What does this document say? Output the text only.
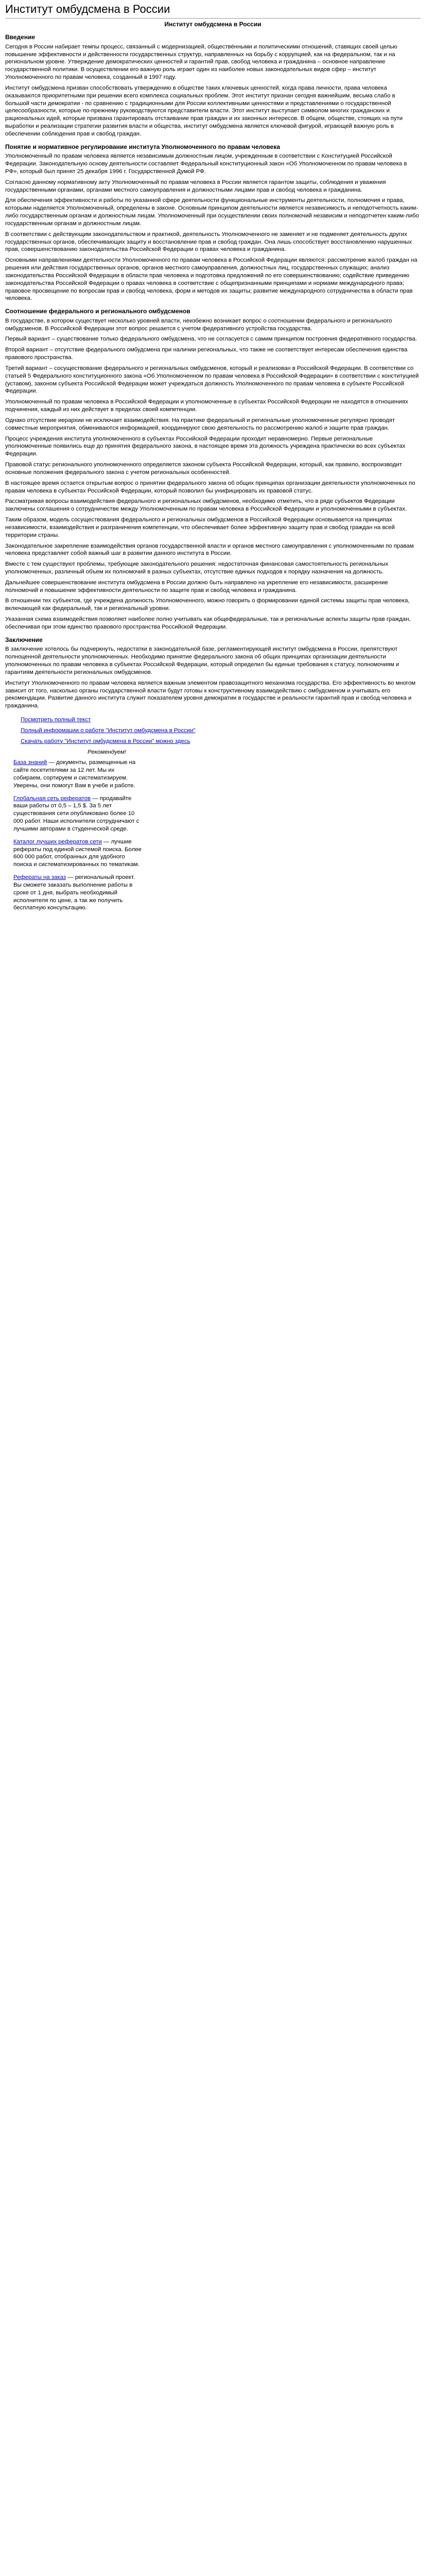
Институт омбудсмена в России
Институт омбудсмена в России
Введение

Сегодня в России набирает темпы процесс, связанный с модернизацией, обществе́нными и политическими отношений, ставящих своей целью повышение эффективности и действенности государственных структур, направленных на борьбу с коррупцией, как на федеральном, так и на региональном уровне. Утверждение демократических ценностей и гарантий прав, свобод человека и гражданина – основное направление государственной политики. В осуществлении его важную роль играет один из наиболее новых законодательных видов сфер – институт Уполномоченного по правам человека, созданный в 1997 году.

Институт омбудсмена призван способствовать утверждению в обществе таких ключевых ценностей, когда права личности, права человека оказываются приоритетными при решении всего комплекса социальных проблем. Этот институт признан сегодня важнейшим, весьма слабо в большой части демократии - по сравнению с традиционными для России коллективными ценностями и представлениями о государственной целесообразности, которые по-прежнему руководствуются представители власти. Этот институт выступает символом многих гражданских и рациональных идей, которые призвана гарантировать отстаивание прав граждан и их законных интересов. В общем, обществе, стоящих на пути выработки и реализации стратегии развития власти и общества, институт омбудсмена является ключевой фигурой, играющей важную роль в обеспечении соблюдения прав и свобод граждан.

Понятие и нормативное регулирование института Уполномоченного по правам человека

Уполномоченный по правам человека является независимым должностным лицом, учрежденным в соответствии с Конституцией Российской Федерации. Законодательную основу деятельности составляет Федеральный конституционный закон «Об Уполномоченном по правам человека в РФ», который был принят 25 декабря 1996 г. Государственной Думой РФ.

Согласно данному нормативному акту Уполномоченный по правам человека в России является гарантом защиты, соблюдения и уважения государственными органами, органами местного самоуправления и должностными лицами прав и свобод человека и гражданина.

Для обеспечения эффективности и работы по указанной сфере деятельности функциональные инструменты деятельности, полномочия и права, которыми наделяется Уполномоченный, определены в законе. Основным принципом деятельности является независимость и неподотчетность каким-либо государственным органам и должностным лицам. Уполномоченный при осуществлении своих полномочий независим и неподотчетен каким-либо государственным органам и должностным лицам.

В соответствии с действующим законодательством и практикой, деятельность Уполномоченного не заменяет и не подменяет деятельность других государственных органов, обеспечивающих защиту и восстановление прав и свобод граждан. Она лишь способствует восстановлению нарушенных прав, совершенствованию законодательства Российской Федерации о правах человека и гражданина.

Основными направлениями деятельности Уполномоченного по правам человека в Российской Федерации являются: рассмотрение жалоб граждан на решения или действия государственных органов, органов местного самоуправления, должностных лиц, государственных служащих; анализ законодательства Российской Федерации в области прав человека и подготовка предложений по его совершенствованию; содействие приведению законодательства Российской Федерации о правах человека в соответствие с общепризнанными принципами и нормами международного права; правовое просвещение по вопросам прав и свобод человека, форм и методов их защиты; развитие международного сотрудничества в области прав человека.

Соотношение федерального и регионального омбудсменов

В государстве, в котором существует несколько уровней власти, неизбежно возникает вопрос о соотношении федерального и регионального омбудсменов. В Российской Федерации этот вопрос решается с учетом федеративного устройства государства.

Первый вариант – существование только федерального омбудсмена, что не согласуется с самим принципом построения федеративного государства.

Второй вариант – отсутствие федерального омбудсмена при наличии региональных, что также не соответствует интересам обеспечения единства правового пространства.

Третий вариант – сосуществование федерального и региональных омбудсменов, который и реализован в Российской Федерации. В соответствии со статьей 5 Федерального конституционного закона «Об Уполномоченном по правам человека в Российской Федерации» в соответствии с конституцией (уставом), законом субъекта Российской Федерации может учреждаться должность Уполномоченного по правам человека в субъекте Российской Федерации.

Уполномоченный по правам человека в Российской Федерации и уполномоченные в субъектах Российской Федерации не находятся в отношениях подчинения, каждый из них действует в пределах своей компетенции.

Однако отсутствие иерархии не исключает взаимодействия. На практике федеральный и региональные уполномоченные регулярно проводят совместные мероприятия, обмениваются информацией, координируют свою деятельность по рассмотрению жалоб и защите прав граждан.

Процесс учреждения института уполномоченного в субъектах Российской Федерации проходит неравномерно. Первые региональные уполномоченные появились еще до принятия федерального закона, в настоящее время эта должность учреждена практически во всех субъектах Федерации.

Правовой статус регионального уполномоченного определяется законом субъекта Российской Федерации, который, как правило, воспроизводит основные положения федерального закона с учетом региональных особенностей.

В настоящее время остается открытым вопрос о принятии федерального закона об общих принципах организации деятельности уполномоченных по правам человека в субъектах Российской Федерации, который позволил бы унифицировать их правовой статус.

Рассматривая вопросы взаимодействия федерального и региональных омбудсменов, необходимо отметить, что в ряде субъектов Федерации заключены соглашения о сотрудничестве между Уполномоченным по правам человека в Российской Федерации и уполномоченными в субъектах.

Таким образом, модель сосуществования федерального и региональных омбудсменов в Российской Федерации основывается на принципах независимости, взаимодействия и разграничения компетенции, что обеспечивает более эффективную защиту прав и свобод граждан на всей территории страны.

Законодательное закрепление взаимодействия органов государственной власти и органов местного самоуправления с уполномоченными по правам человека представляет собой важный шаг в развитии данного института в России.

Вместе с тем существуют проблемы, требующие законодательного решения: недостаточная финансовая самостоятельность региональных уполномоченных, различный объем их полномочий в разных субъектах, отсутствие единых подходов к порядку назначения на должность.

Дальнейшее совершенствование института омбудсмена в России должно быть направлено на укрепление его независимости, расширение полномочий и повышение эффективности деятельности по защите прав и свобод человека и гражданина.

В отношении тех субъектов, где учреждена должность Уполномоченного, можно говорить о формировании единой системы защиты прав человека, включающей как федеральный, так и региональный уровни.

Указанная схема взаимодействия позволяет наиболее полно учитывать как общефедеральные, так и региональные аспекты защиты прав граждан, обеспечивая при этом единство правового пространства Российской Федерации.

Заключение

В заключение хотелось бы подчеркнуть, недостатки в законодательной базе, регламентирующей институт омбудсмена в России, препятствуют полноценной деятельности уполномоченных. Необходимо принятие федерального закона об общих принципах организации деятельности уполномоченных по правам человека в субъектах Российской Федерации, который определил бы единые требования к статусу, полномочиям и гарантиям деятельности региональных омбудсменов.

Институт Уполномоченного по правам человека является важным элементом правозащитного механизма государства. Его эффективность во многом зависит от того, насколько органы государственной власти будут готовы к конструктивному взаимодействию с омбудсменом и учитывать его рекомендации. Развитие данного института служит показателем уровня демократии в государстве и реальности гарантий прав и свобод человека и гражданина.

Посмотреть полный текст
Полный информации о работе "Институт омбудсмена в России"
Скачать работу "Институт омбудсмена в России" можно здесь
Рекомендуем!

База знаний — документы, размещенные на сайте посетителями за 12 лет. Мы их собираем, сортируем и систематизируем. Уверены, они помогут Вам в учебе и работе.

Глобальная сеть рефератов — продавайте ваши работы от 0,5 – 1,5 $. За 5 лет существования сети опубликовано более 10 000 работ. Наши исполнители сотрудничают с лучшими авторами в студенческой среде.

Каталог лучших рефератов сети — лучшие рефераты под единой системой поиска. Более 600 000 работ, отобранных для удобного поиска и систематизированных по тематикам.

Рефераты на заказ — региональный проект. Вы сможете заказать выполнение работы в сроке от 1 дня, выбрать необходимый исполнителя по цене, а так же получить бесплатную консультацию.
